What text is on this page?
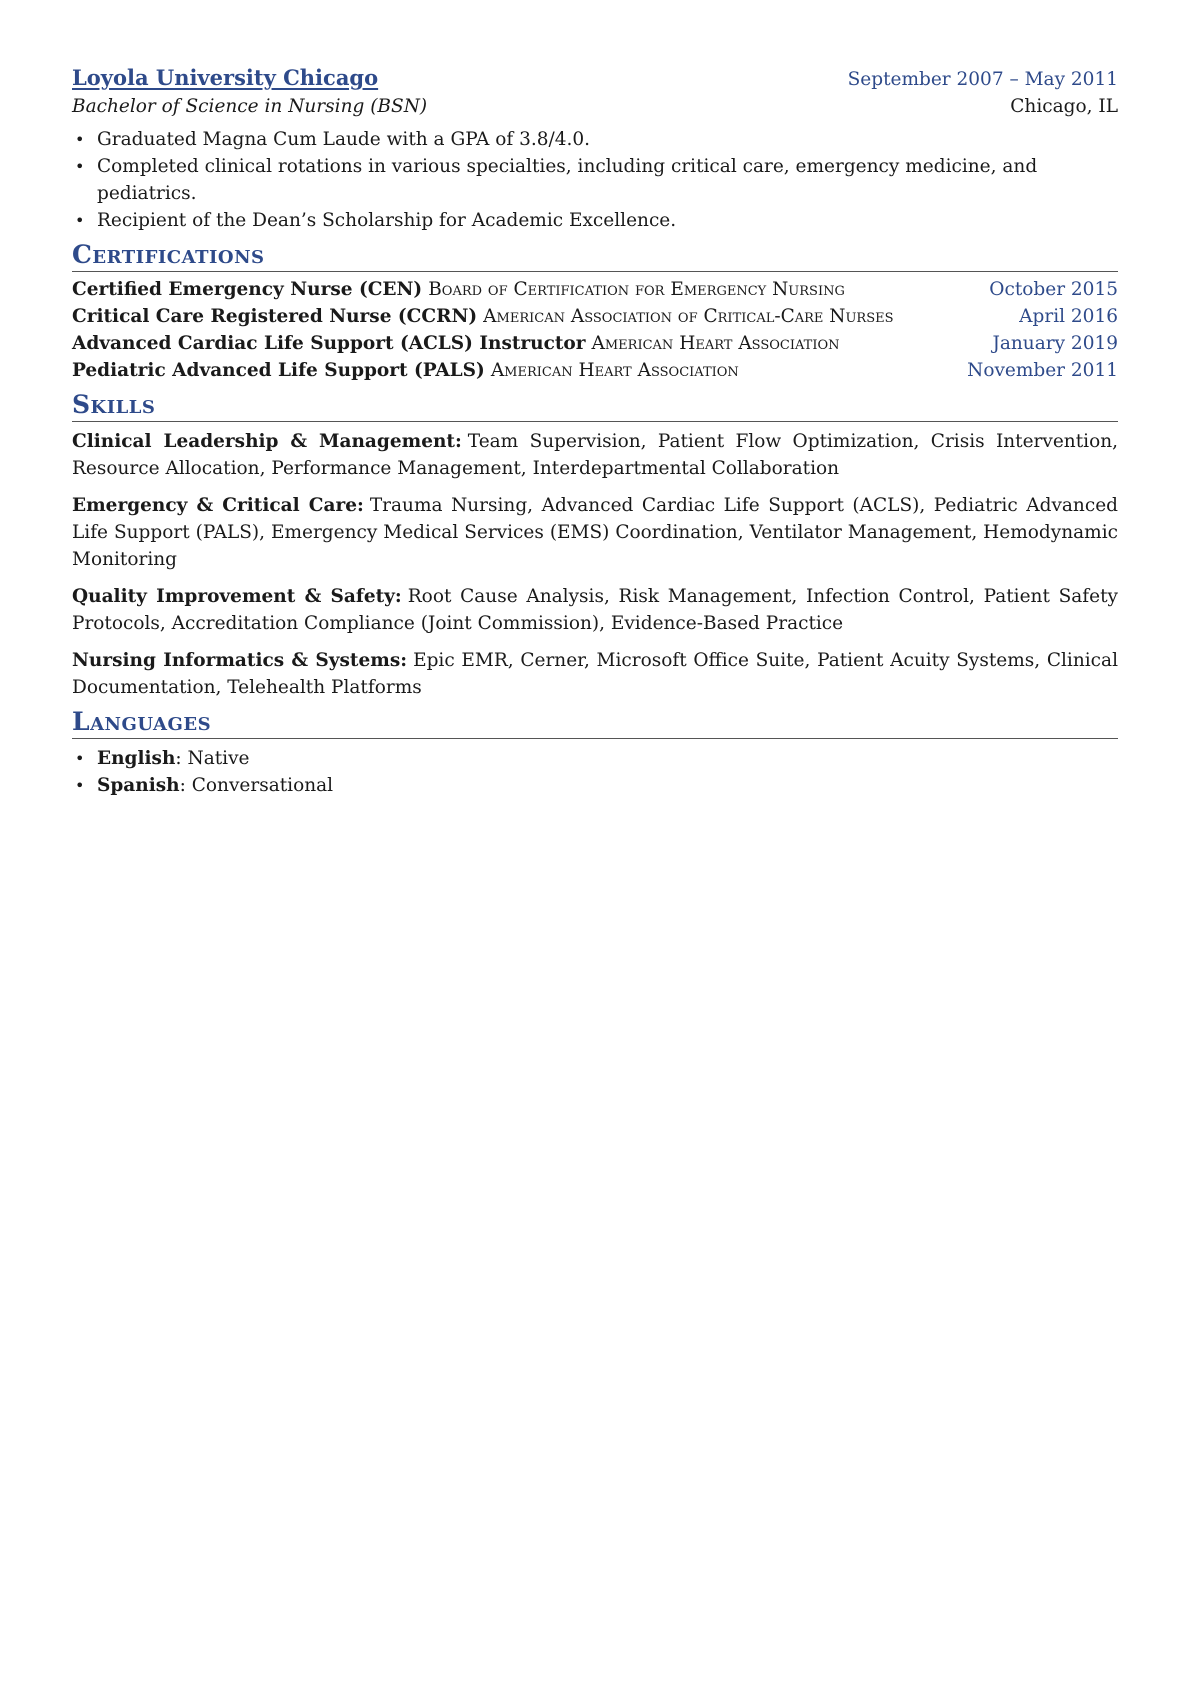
Loyola University Chicago	September 2007 – May 2011
Bachelor of Science in Nursing (BSN)	Chicago, IL
• Graduated Magna Cum Laude with a GPA of 3.8/4.0.
• Completed clinical rotations in various specialties, including critical care, emergency medicine, and pediatrics.
• Recipient of the Dean’s Scholarship for Academic Excellence.
Certifications
Certified Emergency Nurse (CEN) Board of Certification for Emergency Nursing	October 2015
Critical Care Registered Nurse (CCRN) American Association of Critical-Care Nurses	April 2016
Advanced Cardiac Life Support (ACLS) Instructor American Heart Association	January 2019
Pediatric Advanced Life Support (PALS) American Heart Association	November 2011
Skills
Clinical Leadership & Management: Team Supervision, Patient Flow Optimization, Crisis Intervention, Resource Allocation, Performance Management, Interdepartmental Collaboration
Emergency & Critical Care: Trauma Nursing, Advanced Cardiac Life Support (ACLS), Pediatric Advanced Life Support (PALS), Emergency Medical Services (EMS) Coordination, Ventilator Management, Hemodynamic Monitoring
Quality Improvement & Safety: Root Cause Analysis, Risk Management, Infection Control, Patient Safety Protocols, Accreditation Compliance (Joint Commission), Evidence-Based Practice
Nursing Informatics & Systems: Epic EMR, Cerner, Microsoft Office Suite, Patient Acuity Systems, Clinical Documentation, Telehealth Platforms
Languages
• English: Native
• Spanish: Conversational
